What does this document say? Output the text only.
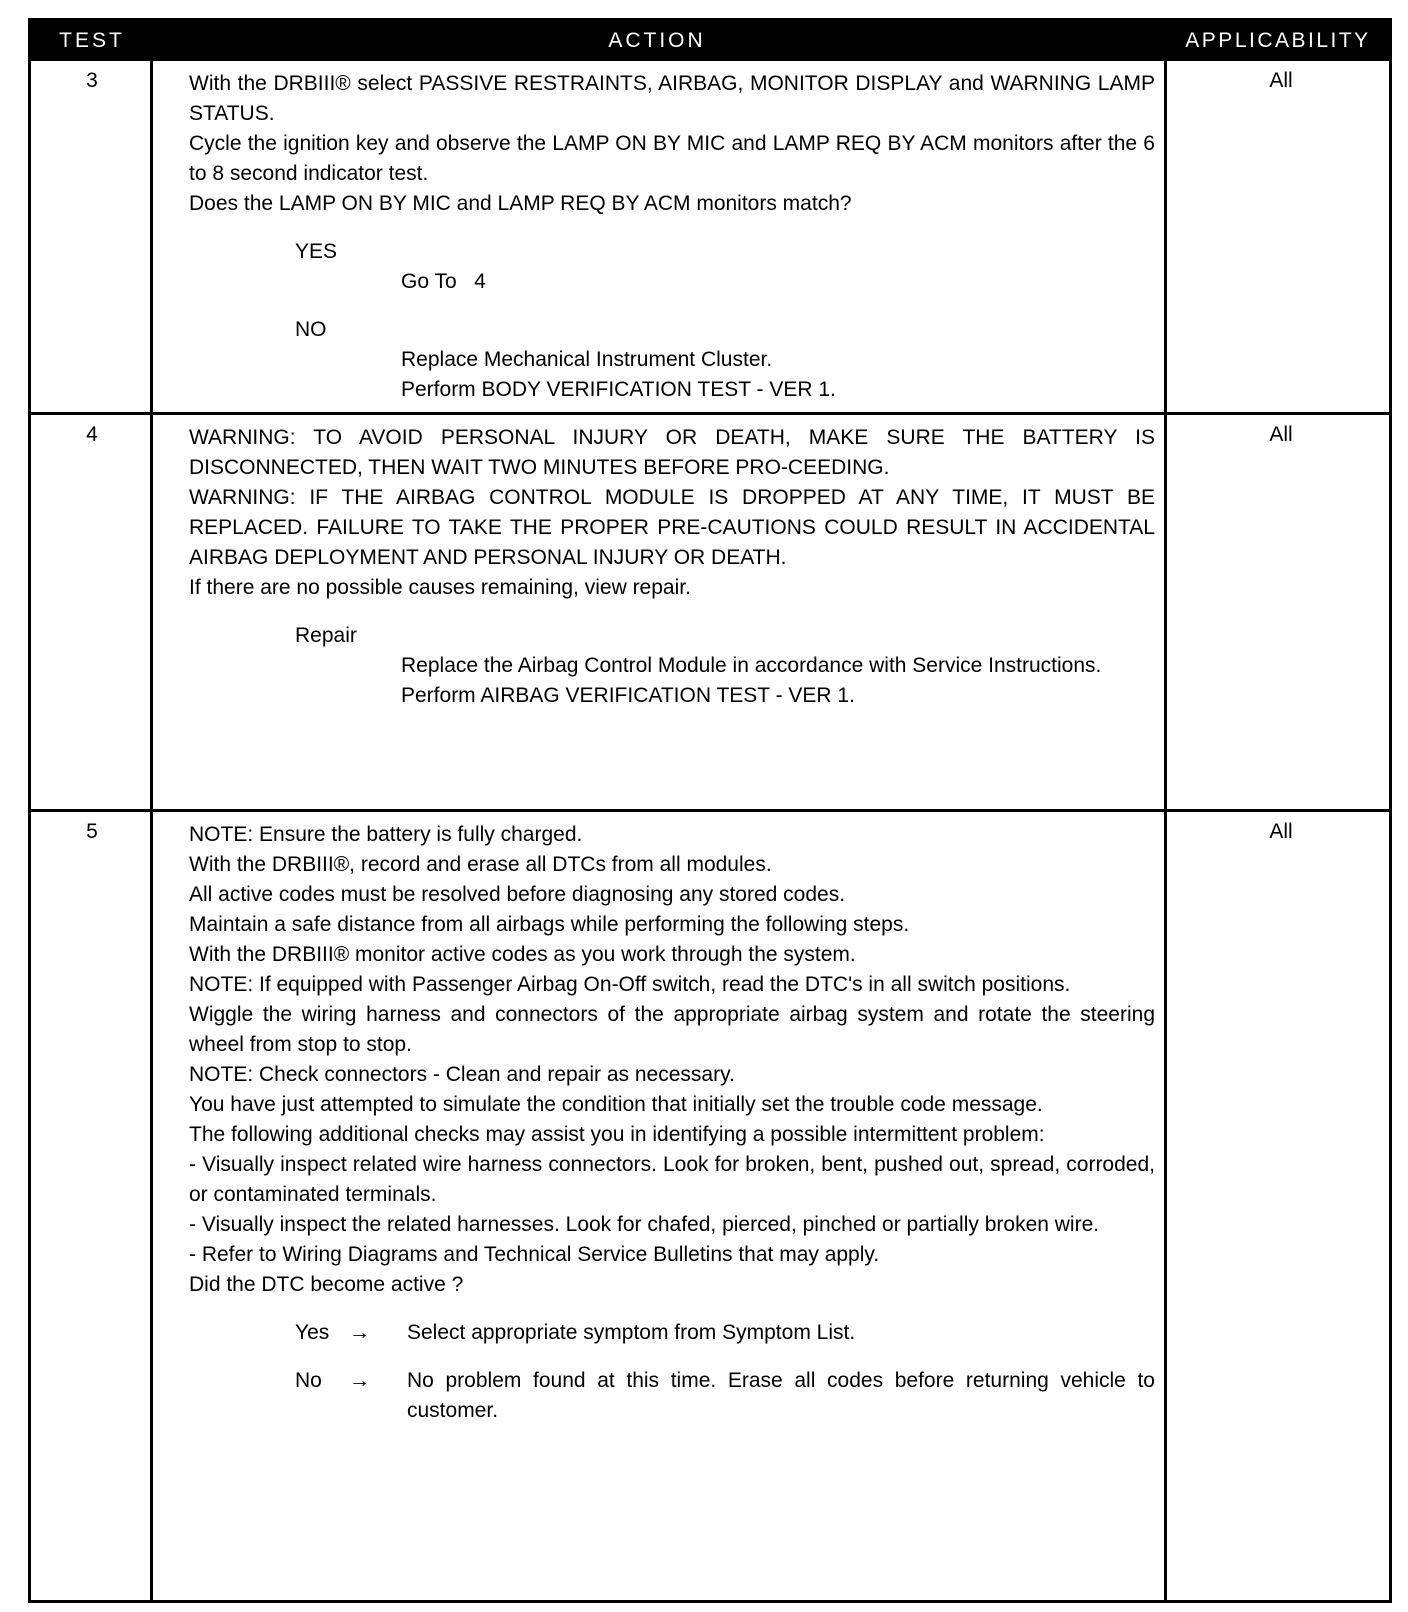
TEST	ACTION	APPLICABILITY
3	With the DRBIII® select PASSIVE RESTRAINTS, AIRBAG, MONITOR DISPLAY and WARNING LAMP STATUS.

Cycle the ignition key and observe the LAMP ON BY MIC and LAMP REQ BY ACM monitors after the 6 to 8 second indicator test.

Does the LAMP ON BY MIC and LAMP REQ BY ACM monitors match?

YES

Go To   4

NO

Replace Mechanical Instrument Cluster.

Perform BODY VERIFICATION TEST - VER 1.

All
4	WARNING: TO AVOID PERSONAL INJURY OR DEATH, MAKE SURE THE BATTERY IS DISCONNECTED, THEN WAIT TWO MINUTES BEFORE PRO-CEEDING.

WARNING: IF THE AIRBAG CONTROL MODULE IS DROPPED AT ANY TIME, IT MUST BE REPLACED. FAILURE TO TAKE THE PROPER PRE-CAUTIONS COULD RESULT IN ACCIDENTAL AIRBAG DEPLOYMENT AND PERSONAL INJURY OR DEATH.

If there are no possible causes remaining, view repair.

Repair

Replace the Airbag Control Module in accordance with Service Instructions.

Perform AIRBAG VERIFICATION TEST - VER 1.

All
5	NOTE: Ensure the battery is fully charged.

With the DRBIII®, record and erase all DTCs from all modules.

All active codes must be resolved before diagnosing any stored codes.

Maintain a safe distance from all airbags while performing the following steps.

With the DRBIII® monitor active codes as you work through the system.

NOTE: If equipped with Passenger Airbag On-Off switch, read the DTC's in all switch positions.

Wiggle the wiring harness and connectors of the appropriate airbag system and rotate the steering wheel from stop to stop.

NOTE: Check connectors - Clean and repair as necessary.

You have just attempted to simulate the condition that initially set the trouble code message.

The following additional checks may assist you in identifying a possible intermittent problem:

- Visually inspect related wire harness connectors. Look for broken, bent, pushed out, spread, corroded, or contaminated terminals.

- Visually inspect the related harnesses. Look for chafed, pierced, pinched or partially broken wire.

- Refer to Wiring Diagrams and Technical Service Bulletins that may apply.

Did the DTC become active ?

Yes → Select appropriate symptom from Symptom List.

No → No problem found at this time. Erase all codes before returning vehicle to customer.

All
